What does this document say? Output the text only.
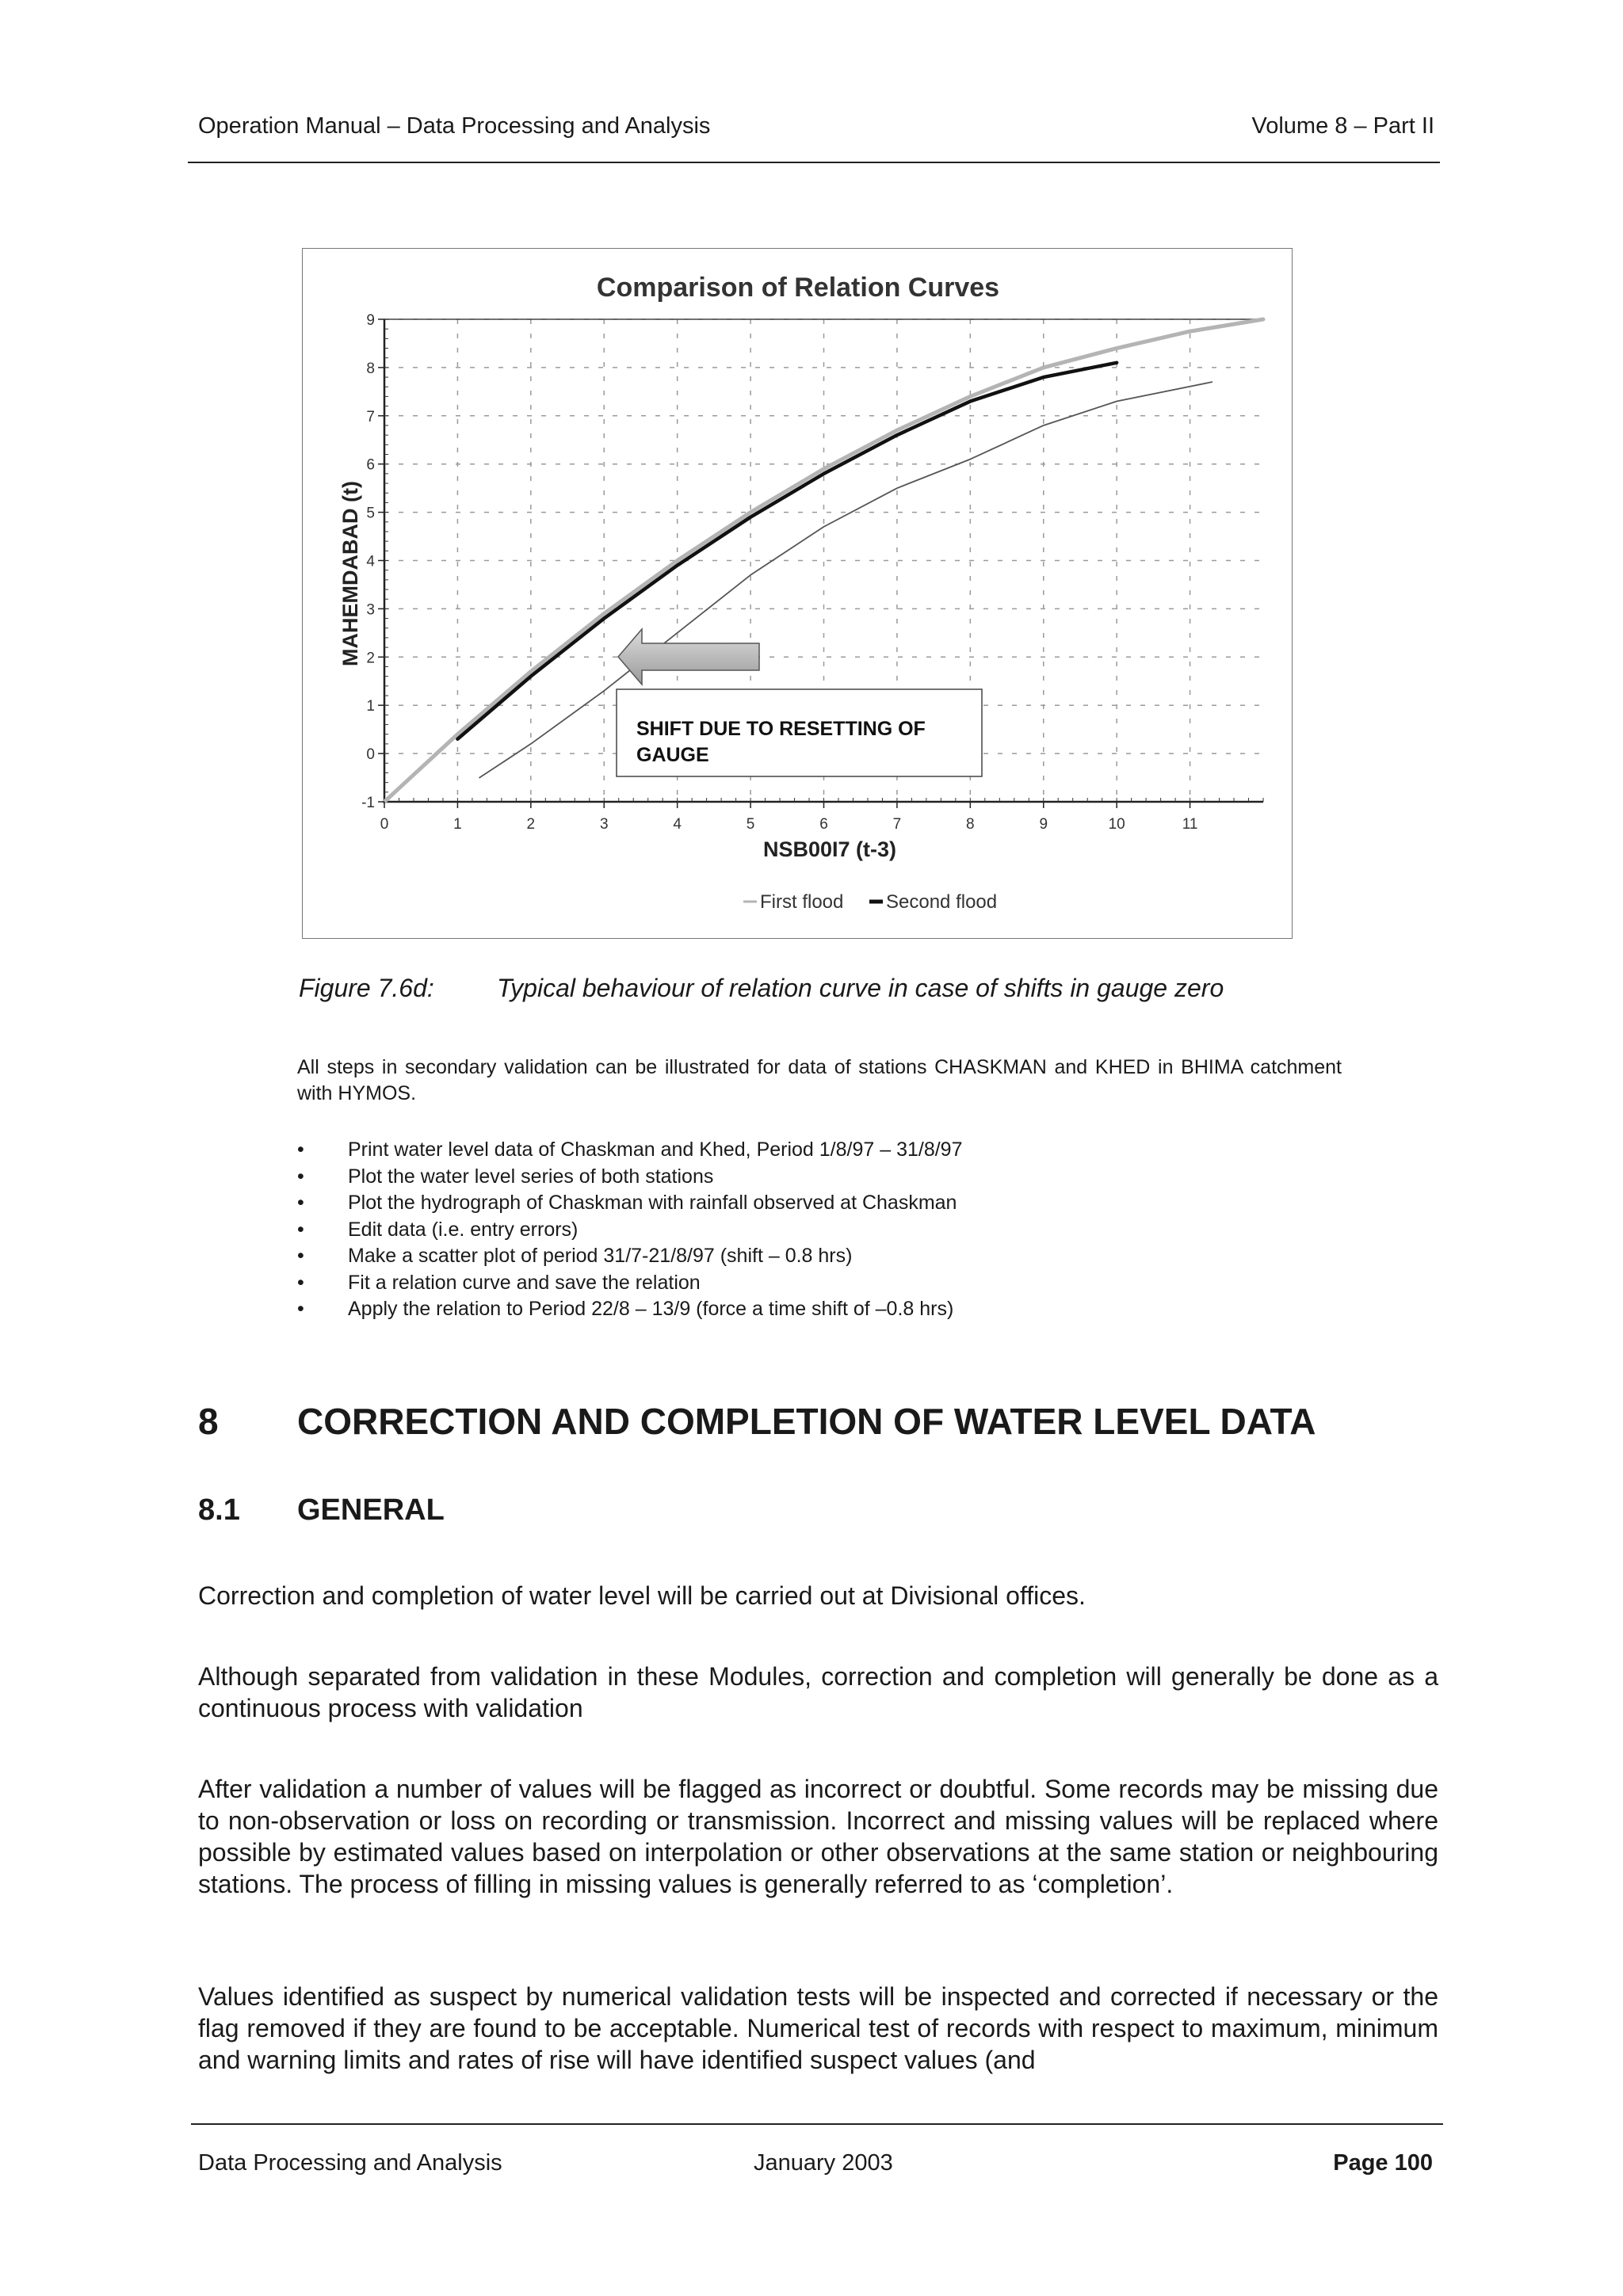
Operation Manual – Data Processing and Analysis	Volume 8 – Part II
Comparison of Relation Curves
0	1	2	3	4	5	6	7	8	9	10	11
-1
0
1
2
3
4
5
6
7
8
9
NSB00I7 (t-3)
MAHEMDABAD (t)
SHIFT DUE TO RESETTING OF
GAUGE
First flood Second flood
Figure 7.6d: Typical behaviour of relation curve in case of shifts in gauge zero
All steps in secondary validation can be illustrated for data of stations CHASKMAN and KHED in BHIMA catchment with HYMOS.
• Print water level data of Chaskman and Khed, Period 1/8/97 – 31/8/97
• Plot the water level series of both stations
• Plot the hydrograph of Chaskman with rainfall observed at Chaskman
• Edit data (i.e. entry errors)
• Make a scatter plot of period 31/7-21/8/97 (shift – 0.8 hrs)
• Fit a relation curve and save the relation
• Apply the relation to Period 22/8 – 13/9 (force a time shift of –0.8 hrs)
8 CORRECTION AND COMPLETION OF WATER LEVEL DATA
8.1 GENERAL
Correction and completion of water level will be carried out at Divisional offices.
Although separated from validation in these Modules, correction and completion will generally be done as a continuous process with validation
After validation a number of values will be flagged as incorrect or doubtful. Some records may be missing due to non-observation or loss on recording or transmission. Incorrect and missing values will be replaced where possible by estimated values based on interpolation or other observations at the same station or neighbouring stations. The process of filling in missing values is generally referred to as ‘completion’.
Values identified as suspect by numerical validation tests will be inspected and corrected if necessary or the flag removed if they are found to be acceptable. Numerical test of records with respect to maximum, minimum and warning limits and rates of rise will have identified suspect values (and
Data Processing and Analysis	January 2003	Page 100
